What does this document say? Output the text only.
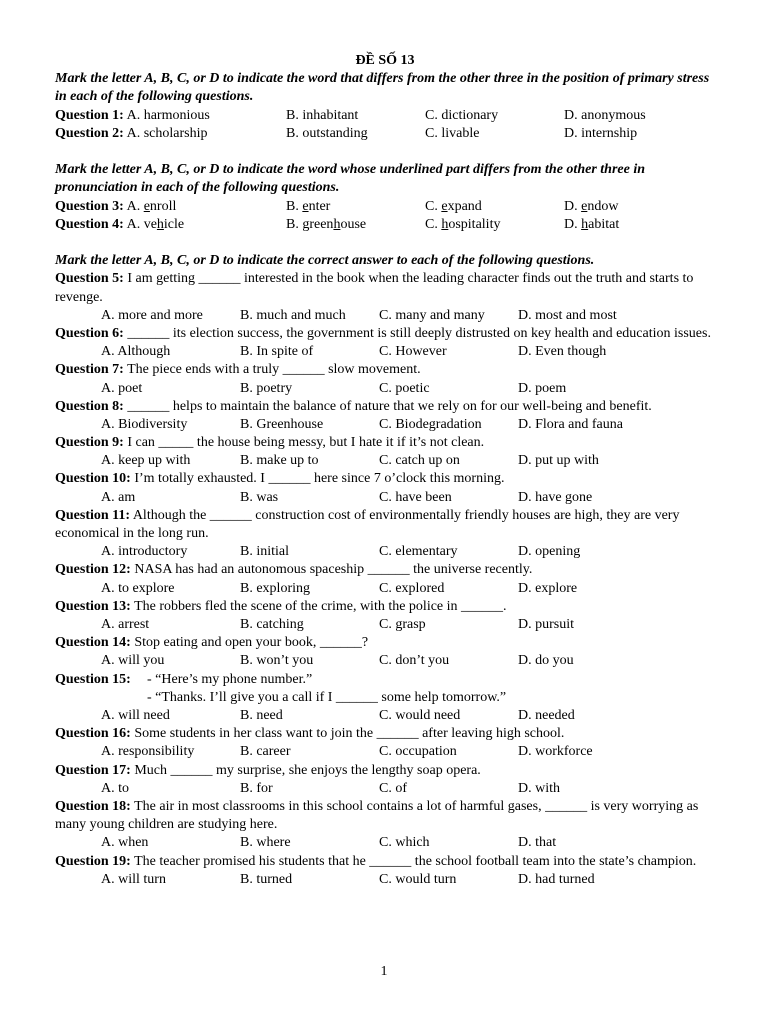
ĐỀ SỐ 13
Mark the letter A, B, C, or D to indicate the word that differs from the other three in the position of primary stress in each of the following questions.
Question 1: A. harmonious	B. inhabitant	C. dictionary	D. anonymous
Question 2: A. scholarship	B. outstanding	C. livable	D. internship
Mark the letter A, B, C, or D to indicate the word whose underlined part differs from the other three in pronunciation in each of the following questions.
Question 3: A. enroll	B. enter	C. expand	D. endow
Question 4: A. vehicle	B. greenhouse	C. hospitality	D. habitat
Mark the letter A, B, C, or D to indicate the correct answer to each of the following questions.
Question 5: I am getting ______ interested in the book when the leading character finds out the truth and starts to revenge.
A. more and more	B. much and much	C. many and many	D. most and most
Question 6: ______ its election success, the government is still deeply distrusted on key health and education issues.
A. Although	B. In spite of	C. However	D. Even though
Question 7: The piece ends with a truly ______ slow movement.
A. poet	B. poetry	C. poetic	D. poem
Question 8: ______ helps to maintain the balance of nature that we rely on for our well-being and benefit.
A. Biodiversity	B. Greenhouse	C. Biodegradation	D. Flora and fauna
Question 9: I can _____ the house being messy, but I hate it if it’s not clean.
A. keep up with	B. make up to	C. catch up on	D. put up with
Question 10: I’m totally exhausted. I ______ here since 7 o’clock this morning.
A. am	B. was	C. have been	D. have gone
Question 11: Although the ______ construction cost of environmentally friendly houses are high, they are very economical in the long run.
A. introductory	B. initial	C. elementary	D. opening
Question 12: NASA has had an autonomous spaceship ______ the universe recently.
A. to explore	B. exploring	C. explored	D. explore
Question 13: The robbers fled the scene of the crime, with the police in ______.
A. arrest	B. catching	C. grasp	D. pursuit
Question 14: Stop eating and open your book, ______?
A. will you	B. won’t you	C. don’t you	D. do you
Question 15:	- “Here’s my phone number.”
- “Thanks. I’ll give you a call if I ______ some help tomorrow.”
A. will need	B. need	C. would need	D. needed
Question 16: Some students in her class want to join the ______ after leaving high school.
A. responsibility	B. career	C. occupation	D. workforce
Question 17: Much ______ my surprise, she enjoys the lengthy soap opera.
A. to	B. for	C. of	D. with
Question 18: The air in most classrooms in this school contains a lot of harmful gases, ______ is very worrying as many young children are studying here.
A. when	B. where	C. which	D. that
Question 19: The teacher promised his students that he ______ the school football team into the state’s champion.
A. will turn	B. turned	C. would turn	D. had turned
1
